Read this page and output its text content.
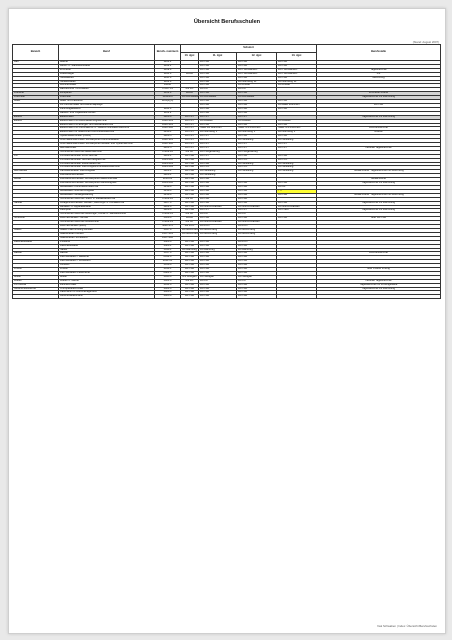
Übersicht Berufsschulen
(Stand: August 2007)
Bereich	Beruf	Berufs- nummern	Schulort				Berufsstelle
			10. Jgst	11. Jgst	12. Jgst	13. Jgst	
Bau	Maurer	1101.1		BS I BA	BS I BA	BS I BA	
	Beton- u. Stahlbetonbauer	1102.1		BS I BA	BS I BA	BS I BA	
	Zimmerer	1109.0		BS I BA	BS I Schwandorf	BS I Schwandorf	Tagesberichte
	Fliesenleger	1112.0	BGJ/b	BS I BA	BS I Schwandorf	BS I Schwandorf	mit
	Stuckateure	1110.0		BS I BA	BS I BA	BS I BA	Zeichnung
	Straßenbauer	1113.0		BS I BA	BS Nürnberg 11	BS Nürnberg 11	
	Brunnenbauer	11030		BS I BA	BS Lindau	BS Lindau	
	Bauzeichner / Architektur	37307.11	BS KU	BS KU	BS KU		
Dreherei	Zerspaner	1103.0	BGJ/b	BS I BA	BS I BA		"Zimmerer-Drehe"
Drechsler	Drechsler	3041/4/9	BS Wunsiedel	BS Wunsiedel	BS Wunsiedel		Tagesberichte mit Zeichnung
Maler	Maler und Lackierer	1111(0)(4)		BS I BA	BS I BA	BS I BA	
	FR Kirchenmaler und Denkmalpflege			BS I BA	BS I BA	BS Hallo München	BS I BA
	Fahrzeuglackierer	1112.0		BS I BA	BS I BA	BS I BA	
	Bauten- und Objektbeschichter	1113.2		BS I BA	BS I BA		
Elektro	Elektroniker	1220.0	BS I BT	BS I BT	BS I BT		Tagesberichte mit Zeichnung
Elektro	Elektroniker FR Automatisierungstechnik	1220.403	BS I BT	BS Weiden	BS Weiden	BS Weiden	
	Elektroniker FR Energie- und Gebäudetechnik	1220.401	BS I BT	BS I BA	BS I BA	BS I BA	
	Elektroniker FR Informations- u. Telekommunikationstechnik	1220.402	BS I BT	Stadt BS München	Stadt. BS München	Stadt. BS München	Wochenberichte
	Elektroniker für Maschinen und Antriebstechnik	1230.1	BS I BT	BS Nürnberg 1	BS Nürnberg 1	BS Nürnberg 1	"Rudow"
	Systemelektroniker (NWG)	1220.5	BS I BT	BS I BT	BS I BA	BS I BA	
	Informationstechniker Schwerpunkt Kommunikation	1222.301	BS I BT	BS I BT	BS Straubing	BS Straubing	
	Informationstechniker Schwerpunkt Geräte- und Systemtechnik	1222.302	BS I BT	BS I BT	BS I BT	BS I BT	
	Mechatroniker	3201.5	BS I BT	BS I BT	BS I BT	BS I BT	neutrale Tagesberichte
	Technischer Zeichner Elektrotechnik	37202.12	BS UP	BS I Regensburg	BS I Regensburg		
Kfz	Kfz-Mechatroniker PKW-Technik	1223.1	BS I BA	BS I BT	BS I BA	BS I BA	
	Kfz-Mechatroniker Nutzfahrzeugtechnik	1223.602	BS I BA	BS I FO	BS I FO	BS I FO	
	Kfz-Mechatroniker Motorradtechnik	1223.603	BS I BA	BS I BA	BS Straubing	BS Straubing	
	Kfz-Mechatroniker Fahrzeugkommunikationstechnik	1223.604	BS I BA	BS I FO	BS I FO	BS Straubing	
Mechaniker	Karosseriebauer Fahrzeugbau	1223.1	BS I BA	BS Straubing	BS Straubing	BS Straubing	"Metall-Drehe" Tagesberichte mit Zeichnung
	Feinwerkmechaniker	1220.1	BS I BA	BS Straubing			
Metall	Feinwerkmechaniker Schwerpunkt Maschinenbau	1219.61	BS I BA	BS I BA			"Metall-Drehe"
	Feinwerkmechaniker Schwerpunkt Werkzeugbau	1219.602	BS I BA	BS I BA	BS I BA	BS I BA	Tagesberichte mit Zeichnung
	Metallbauer Konstruktionstechnik	1218.0	BS I BA	BS I BA	BS I BA	BS UP	
	Metallbauer Nutzfahrzeugbau	1218.3	BS I BA	BS I BA	BS I BA	???	
	Metallbauer Metallgestaltung	1218.4	BS I BA	BS I BA	BS I BA	BS I BA	"Metall-Drehe" Tagesberichte mit Zeichnung
	Technischer Zeichner Stahl- u. Metallbautechnik	37202.12	BS UP	BS I BA	BS I BA		
Sanitär	Anlagenmechaniker Sanitär-, Heizungs- u. Klimatechnik	1227.0	BS I BA	BS I BA	BS I BA	BS I BA	Tagesberichte mit Zeichnung
	Behälter- u. Apparatebauer	1224.0	BS I BA	BS Gunzenhausen	BS Gunzenhausen	BS Gunzenhausen	
	Klempner	1228.0	BS I BA	BS I BT	BS I BT	BS I Neu	Tagesberichte mit Zeichnung
	Technischer Zeichner Heizungs-, Klima- u. Sanitärtechnik	37202.11	BS UP	BS KU	BS KU		
Schreiner	Holzmechaniker Tischler	1308.0	BGJ/b	BS I BA	BS I BA	BS I BA	über BS I BA
	Technischer Zeichner Holztechnik	37202.14	BS UP	BS Gunzenhausen	BS Gunzenhausen		
	Holzmechaniker (EFH)	5022.470	BS LCO	BS LCO	BS LCO		
Glaser	Glaser Fachrichtung Fenster	1447.0	BS Mönchberg	BS Mönchberg	BS Mönchberg		
	Glasveredler Kerami	1447.401	BS Mönchberg	BS Mönchberg	BS Mönchberg		
	Glasveredler Schleiferei	1447.402					
Raumausstatter	Polsterer	3620.0	BS I BA	BS I BA	BS LCO		
	Raumausstatter	3620.1	BS I BA	BS I BA	BS I BA		
	Sattler	1340.1	BS Hamburg	BS Hamburg	BS Hamburg		
Bäcker	Bäcker	1357.0	BS I BA	BS I BA	BS I BA		Wochenberichte
	Fachverkäufer / Bäckerei	2812.0	BS I BA	BS I BA	BS I BA		
	Fachverkäufer / Konditorei	2812.10	BS I BA	BS I BA	BS I BA		
	Konditor	1358.0	BS I BA	BS I BA	BS I BA		
Friseur	Friseur	3013.1	BS I BA	BS I BA	BS I BA		über Friseur Innung
	Fachverkäufer Fleischerei	2801.0	BS I BA	BS I BA	BS I BA		
Müller	Müller	1395.0	BS Stuttgart	BS Stuttgart	BS Stuttgart		
Brauer	Brauer u. Mälzer	1301.0	BS KU	BS KU	BS KU		neutrale Tagesberichte
Kfz Dental	Zahntechniker	3331.0	BS I BA	BS I BA	BS I BA		Tagesberichte mit Prüfungsstelle
Gesundheitsberufe	Orthopädietechniker	3003.0	BS I BA	BS I BA	BS I BA		Tagesberichte mit Zeichnung
	Kaufmann für Büromanagement	3000.0	BS I BA	BS I BA	BS I BA		
	Automobilkaufmann	3005.0	BS I BA	BS I BA	BS I BA		
hwk Schwaben | Index: Übersicht Berufsschulen
